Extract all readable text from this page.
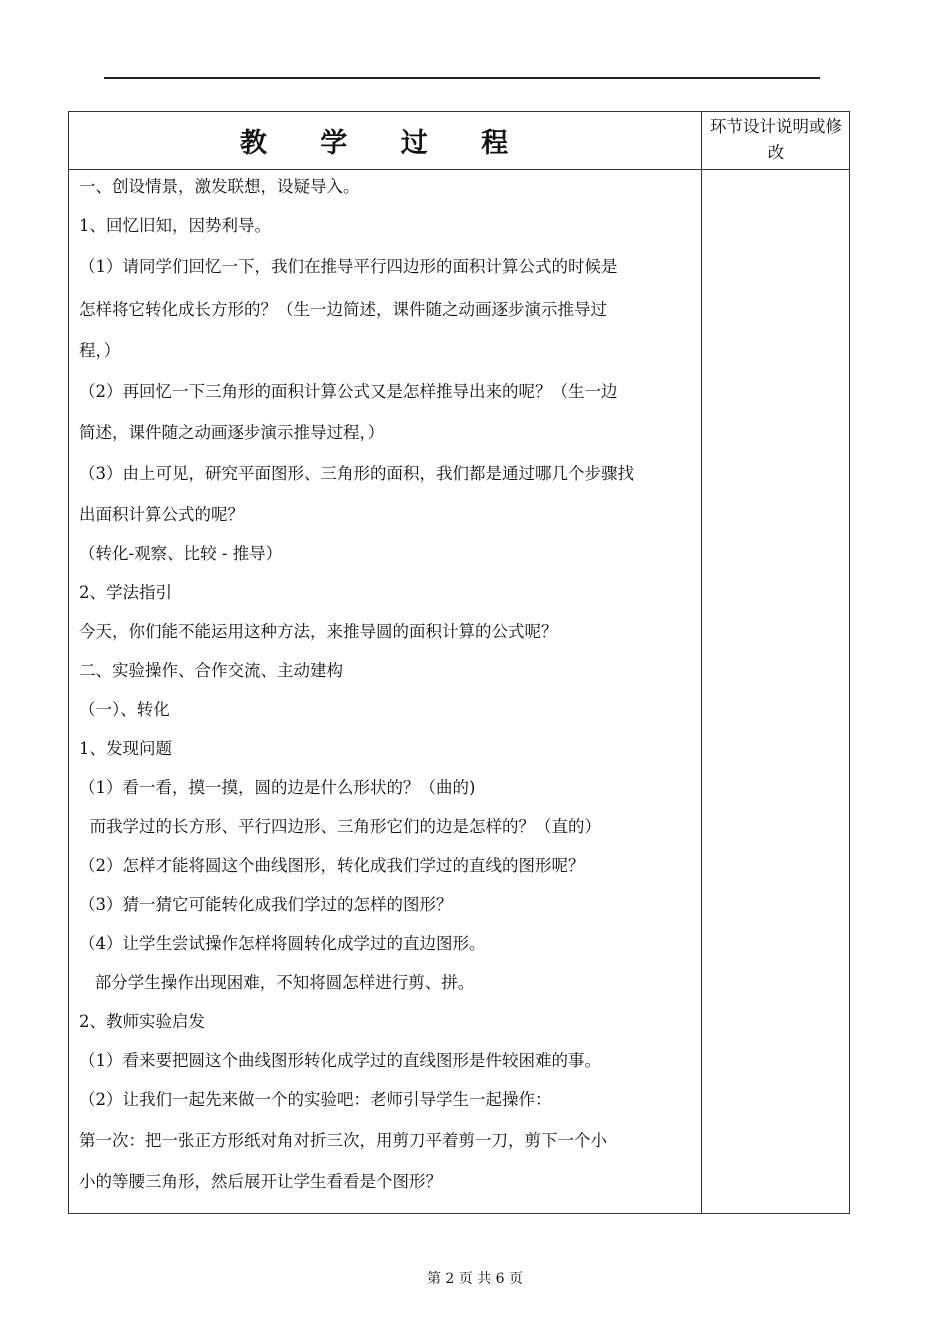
教 学 过 程
环节设计说明或修改
一、创设情景，激发联想，设疑导入。
1、回忆旧知，因势利导。
（1）请同学们回忆一下，我们在推导平行四边形的面积计算公式的时候是
怎样将它转化成长方形的？（生一边简述，课件随之动画逐步演示推导过
程，）
（2）再回忆一下三角形的面积计算公式又是怎样推导出来的呢？（生一边
简述，课件随之动画逐步演示推导过程，）
（3）由上可见，研究平面图形、三角形的面积，我们都是通过哪几个步骤找
出面积计算公式的呢？
（转化-观察、比较 - 推导）
2、学法指引
今天，你们能不能运用这种方法，来推导圆的面积计算的公式呢？
二、实验操作、合作交流、主动建构
（一）、转化
1、发现问题
（1）看一看，摸一摸，圆的边是什么形状的？（曲的)
而我学过的长方形、平行四边形、三角形它们的边是怎样的？（直的）
（2）怎样才能将圆这个曲线图形，转化成我们学过的直线的图形呢？
（3）猜一猜它可能转化成我们学过的怎样的图形？
（4）让学生尝试操作怎样将圆转化成学过的直边图形。
部分学生操作出现困难，不知将圆怎样进行剪、拼。
2、教师实验启发
（1）看来要把圆这个曲线图形转化成学过的直线图形是件较困难的事。
（2）让我们一起先来做一个的实验吧：老师引导学生一起操作：
第一次：把一张正方形纸对角对折三次，用剪刀平着剪一刀，剪下一个小
小的等腰三角形，然后展开让学生看看是个图形？
第 2 页 共 6 页
